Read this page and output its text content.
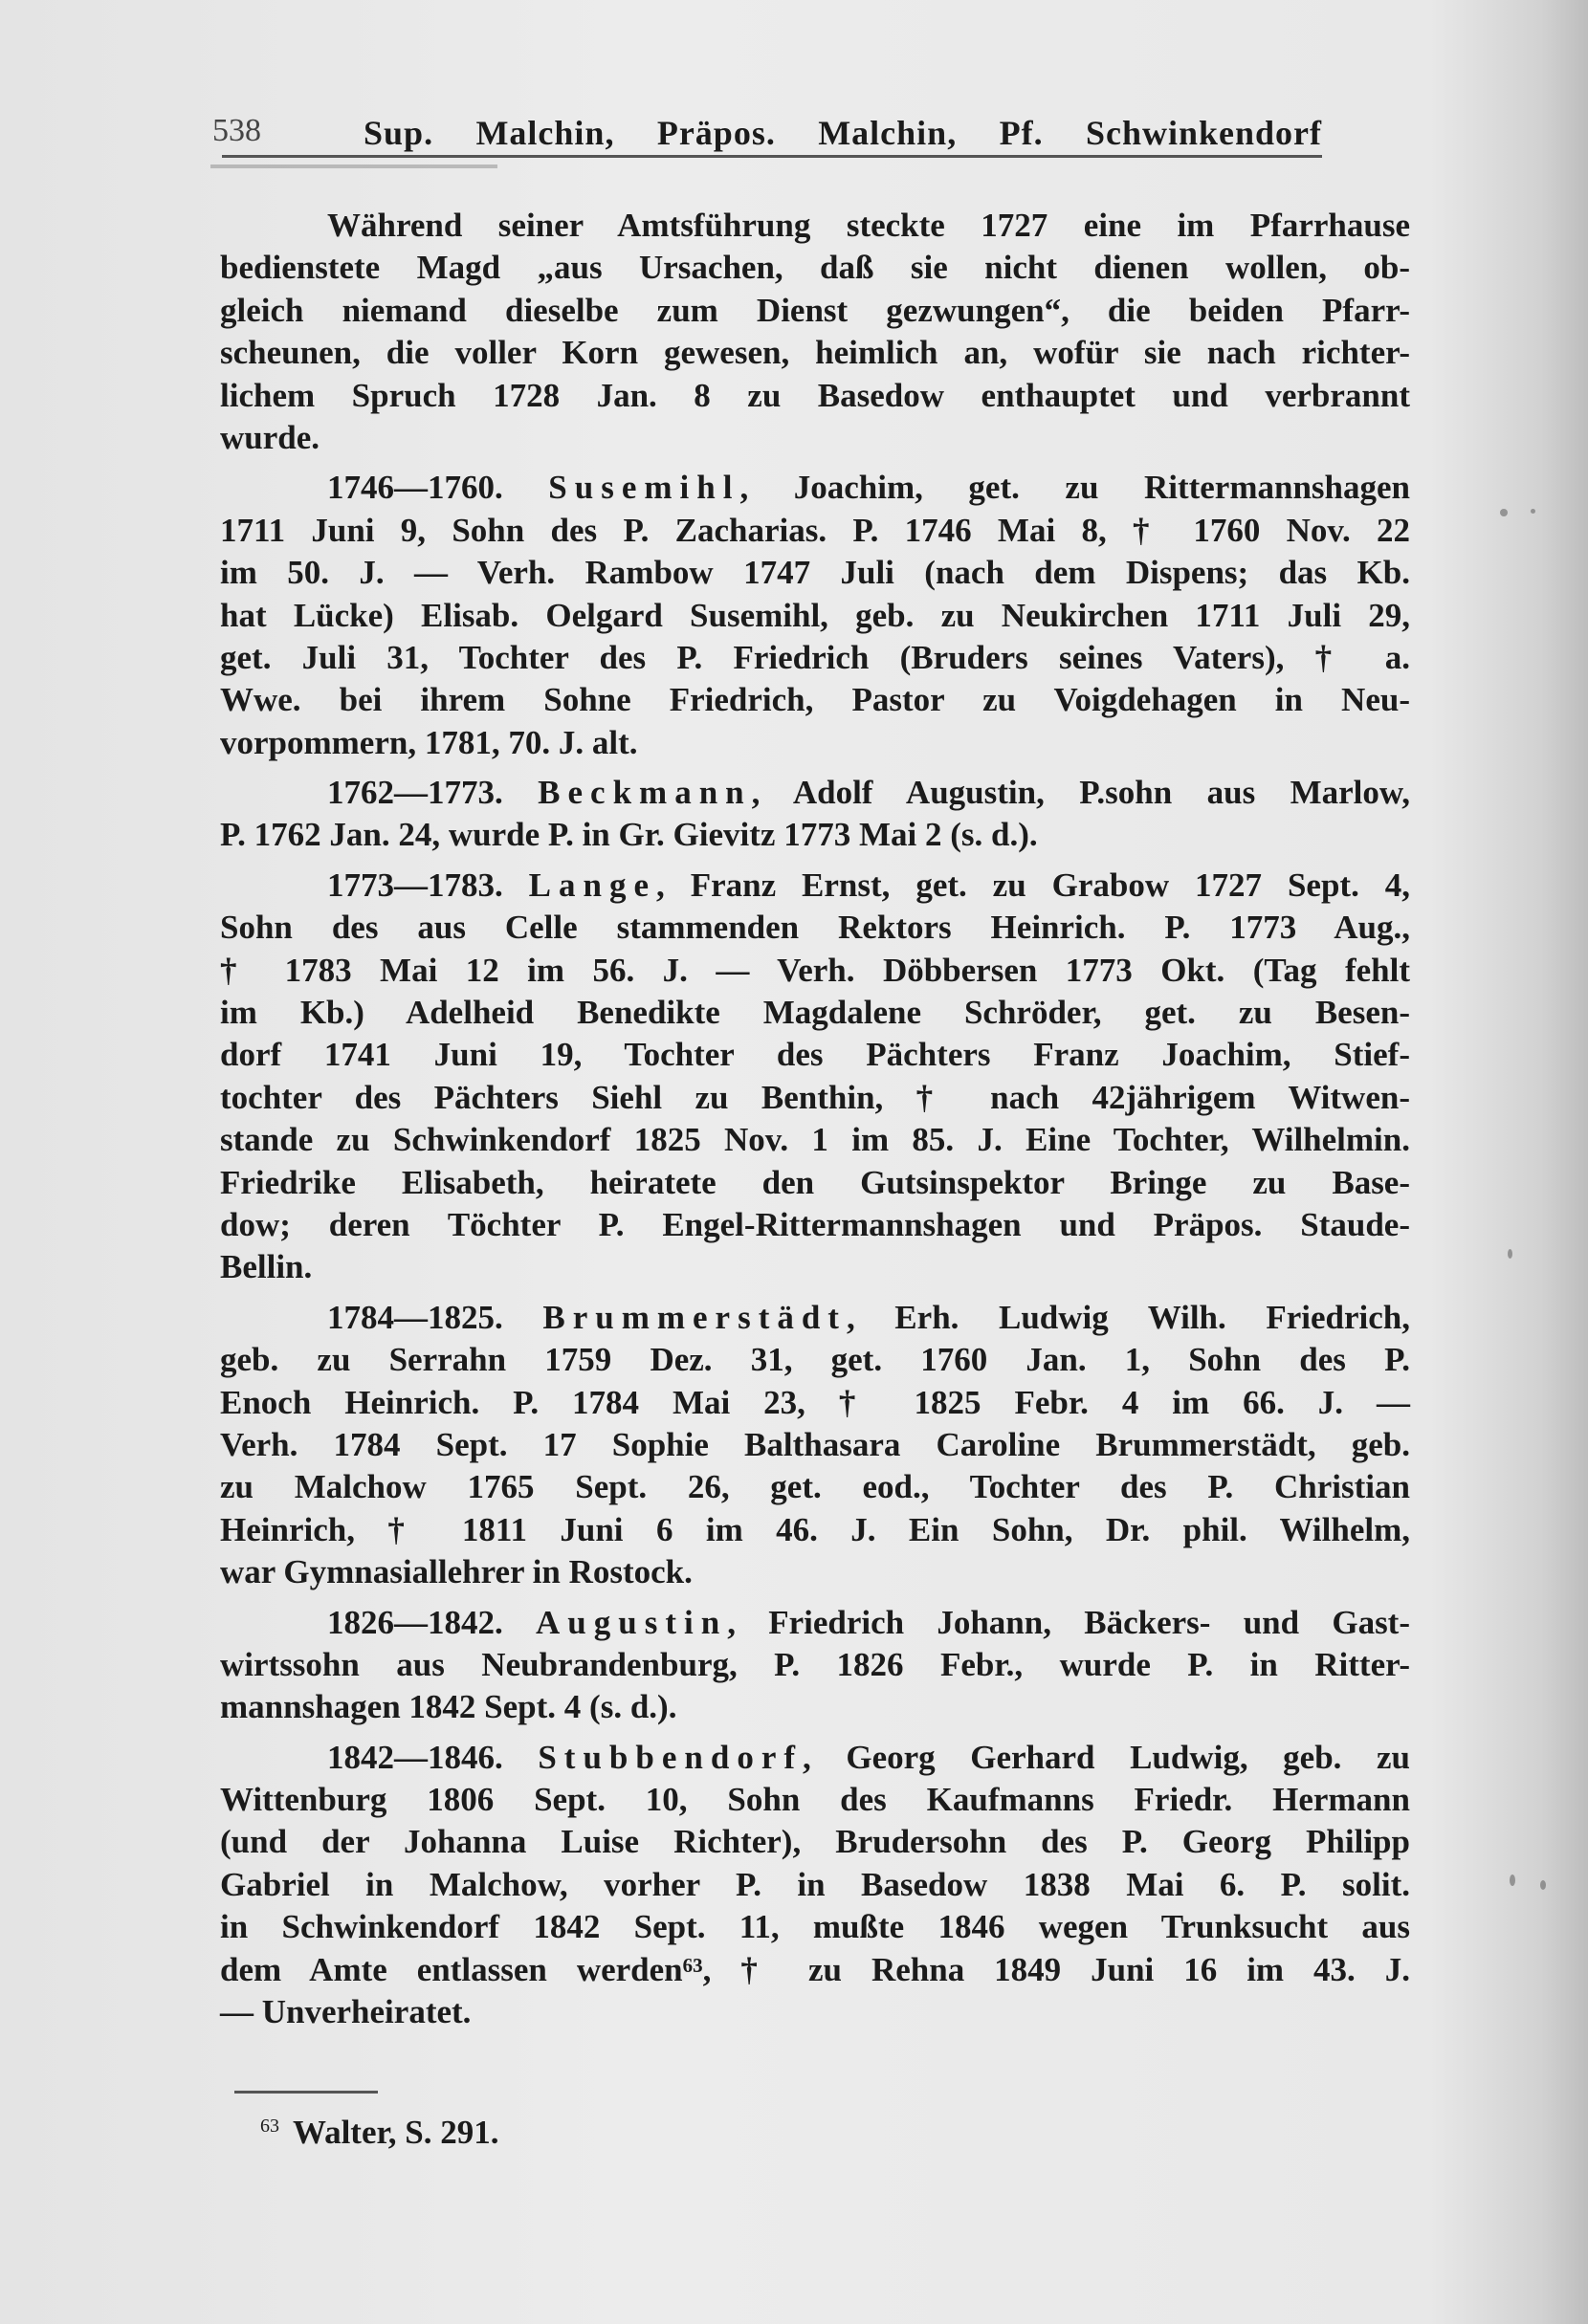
538	Sup. Malchin, Präpos. Malchin, Pf. Schwinkendorf
Während seiner Amtsführung steckte 1727 eine im Pfarrhause
bedienstete Magd „aus Ursachen, daß sie nicht dienen wollen, ob-
gleich niemand dieselbe zum Dienst gezwungen“, die beiden Pfarr-
scheunen, die voller Korn gewesen, heimlich an, wofür sie nach richter-
lichem Spruch 1728 Jan. 8 zu Basedow enthauptet und verbrannt
wurde.
1746—1760. Susemihl, Joachim, get. zu Rittermannshagen
1711 Juni 9, Sohn des P. Zacharias. P. 1746 Mai 8, † 1760 Nov. 22
im 50. J. — Verh. Rambow 1747 Juli (nach dem Dispens; das Kb.
hat Lücke) Elisab. Oelgard Susemihl, geb. zu Neukirchen 1711 Juli 29,
get. Juli 31, Tochter des P. Friedrich (Bruders seines Vaters), † a.
Wwe. bei ihrem Sohne Friedrich, Pastor zu Voigdehagen in Neu-
vorpommern, 1781, 70. J. alt.
1762—1773. Beckmann, Adolf Augustin, P.sohn aus Marlow,
P. 1762 Jan. 24, wurde P. in Gr. Gievitz 1773 Mai 2 (s. d.).
1773—1783. Lange, Franz Ernst, get. zu Grabow 1727 Sept. 4,
Sohn des aus Celle stammenden Rektors Heinrich. P. 1773 Aug.,
† 1783 Mai 12 im 56. J. — Verh. Döbbersen 1773 Okt. (Tag fehlt
im Kb.) Adelheid Benedikte Magdalene Schröder, get. zu Besen-
dorf 1741 Juni 19, Tochter des Pächters Franz Joachim, Stief-
tochter des Pächters Siehl zu Benthin, † nach 42jährigem Witwen-
stande zu Schwinkendorf 1825 Nov. 1 im 85. J. Eine Tochter, Wilhelmin.
Friedrike Elisabeth, heiratete den Gutsinspektor Bringe zu Base-
dow; deren Töchter P. Engel-Rittermannshagen und Präpos. Staude-
Bellin.
1784—1825. Brummerstädt, Erh. Ludwig Wilh. Friedrich,
geb. zu Serrahn 1759 Dez. 31, get. 1760 Jan. 1, Sohn des P.
Enoch Heinrich. P. 1784 Mai 23, † 1825 Febr. 4 im 66. J. —
Verh. 1784 Sept. 17 Sophie Balthasara Caroline Brummerstädt, geb.
zu Malchow 1765 Sept. 26, get. eod., Tochter des P. Christian
Heinrich, † 1811 Juni 6 im 46. J. Ein Sohn, Dr. phil. Wilhelm,
war Gymnasiallehrer in Rostock.
1826—1842. Augustin, Friedrich Johann, Bäckers- und Gast-
wirtssohn aus Neubrandenburg, P. 1826 Febr., wurde P. in Ritter-
mannshagen 1842 Sept. 4 (s. d.).
1842—1846. Stubbendorf, Georg Gerhard Ludwig, geb. zu
Wittenburg 1806 Sept. 10, Sohn des Kaufmanns Friedr. Hermann
(und der Johanna Luise Richter), Brudersohn des P. Georg Philipp
Gabriel in Malchow, vorher P. in Basedow 1838 Mai 6. P. solit.
in Schwinkendorf 1842 Sept. 11, mußte 1846 wegen Trunksucht aus
dem Amte entlassen werden⁶³, † zu Rehna 1849 Juni 16 im 43. J.
— Unverheiratet.
$^{63}$ Walter, S. 291.
